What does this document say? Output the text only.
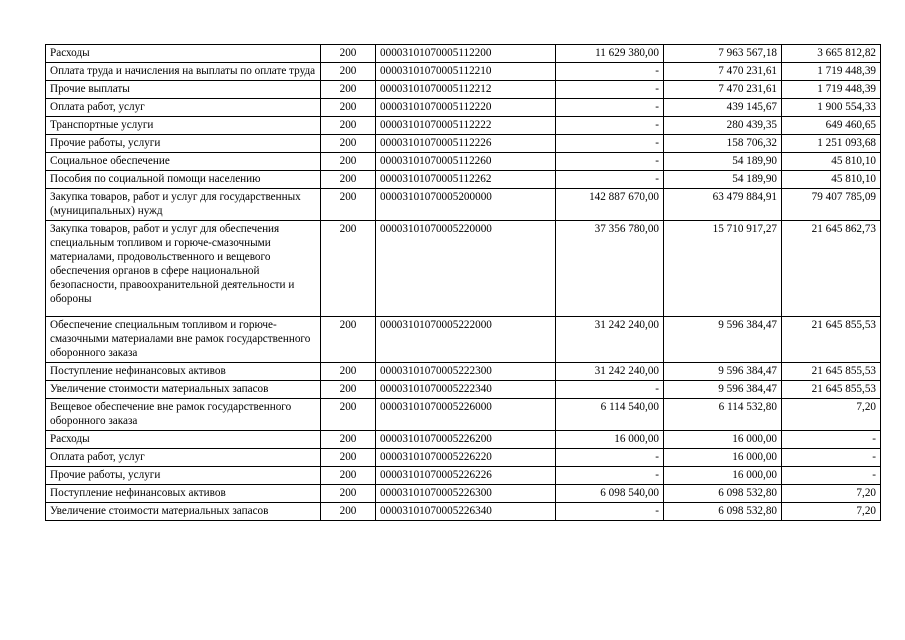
Расходы	200	00003101070005112200	11 629 380,00	7 963 567,18	3 665 812,82
Оплата труда и начисления на выплаты по оплате труда	200	00003101070005112210	-	7 470 231,61	1 719 448,39
Прочие выплаты	200	00003101070005112212	-	7 470 231,61	1 719 448,39
Оплата работ, услуг	200	00003101070005112220	-	439 145,67	1 900 554,33
Транспортные услуги	200	00003101070005112222	-	280 439,35	649 460,65
Прочие работы, услуги	200	00003101070005112226	-	158 706,32	1 251 093,68
Социальное обеспечение	200	00003101070005112260	-	54 189,90	45 810,10
Пособия по социальной помощи населению	200	00003101070005112262	-	54 189,90	45 810,10
Закупка товаров, работ и услуг для государственных (муниципальных) нужд	200	00003101070005200000	142 887 670,00	63 479 884,91	79 407 785,09
Закупка товаров, работ и услуг для обеспечения специальным топливом и горюче-смазочными материалами, продовольственного и вещевого обеспечения органов в сфере национальной безопасности, правоохранительной деятельности и обороны	200	00003101070005220000	37 356 780,00	15 710 917,27	21 645 862,73
Обеспечение специальным топливом и горюче-смазочными материалами вне рамок государственного оборонного заказа	200	00003101070005222000	31 242 240,00	9 596 384,47	21 645 855,53
Поступление нефинансовых активов	200	00003101070005222300	31 242 240,00	9 596 384,47	21 645 855,53
Увеличение стоимости материальных запасов	200	00003101070005222340	-	9 596 384,47	21 645 855,53
Вещевое обеспечение вне рамок государственного оборонного заказа	200	00003101070005226000	6 114 540,00	6 114 532,80	7,20
Расходы	200	00003101070005226200	16 000,00	16 000,00	-
Оплата работ, услуг	200	00003101070005226220	-	16 000,00	-
Прочие работы, услуги	200	00003101070005226226	-	16 000,00	-
Поступление нефинансовых активов	200	00003101070005226300	6 098 540,00	6 098 532,80	7,20
Увеличение стоимости материальных запасов	200	00003101070005226340	-	6 098 532,80	7,20
